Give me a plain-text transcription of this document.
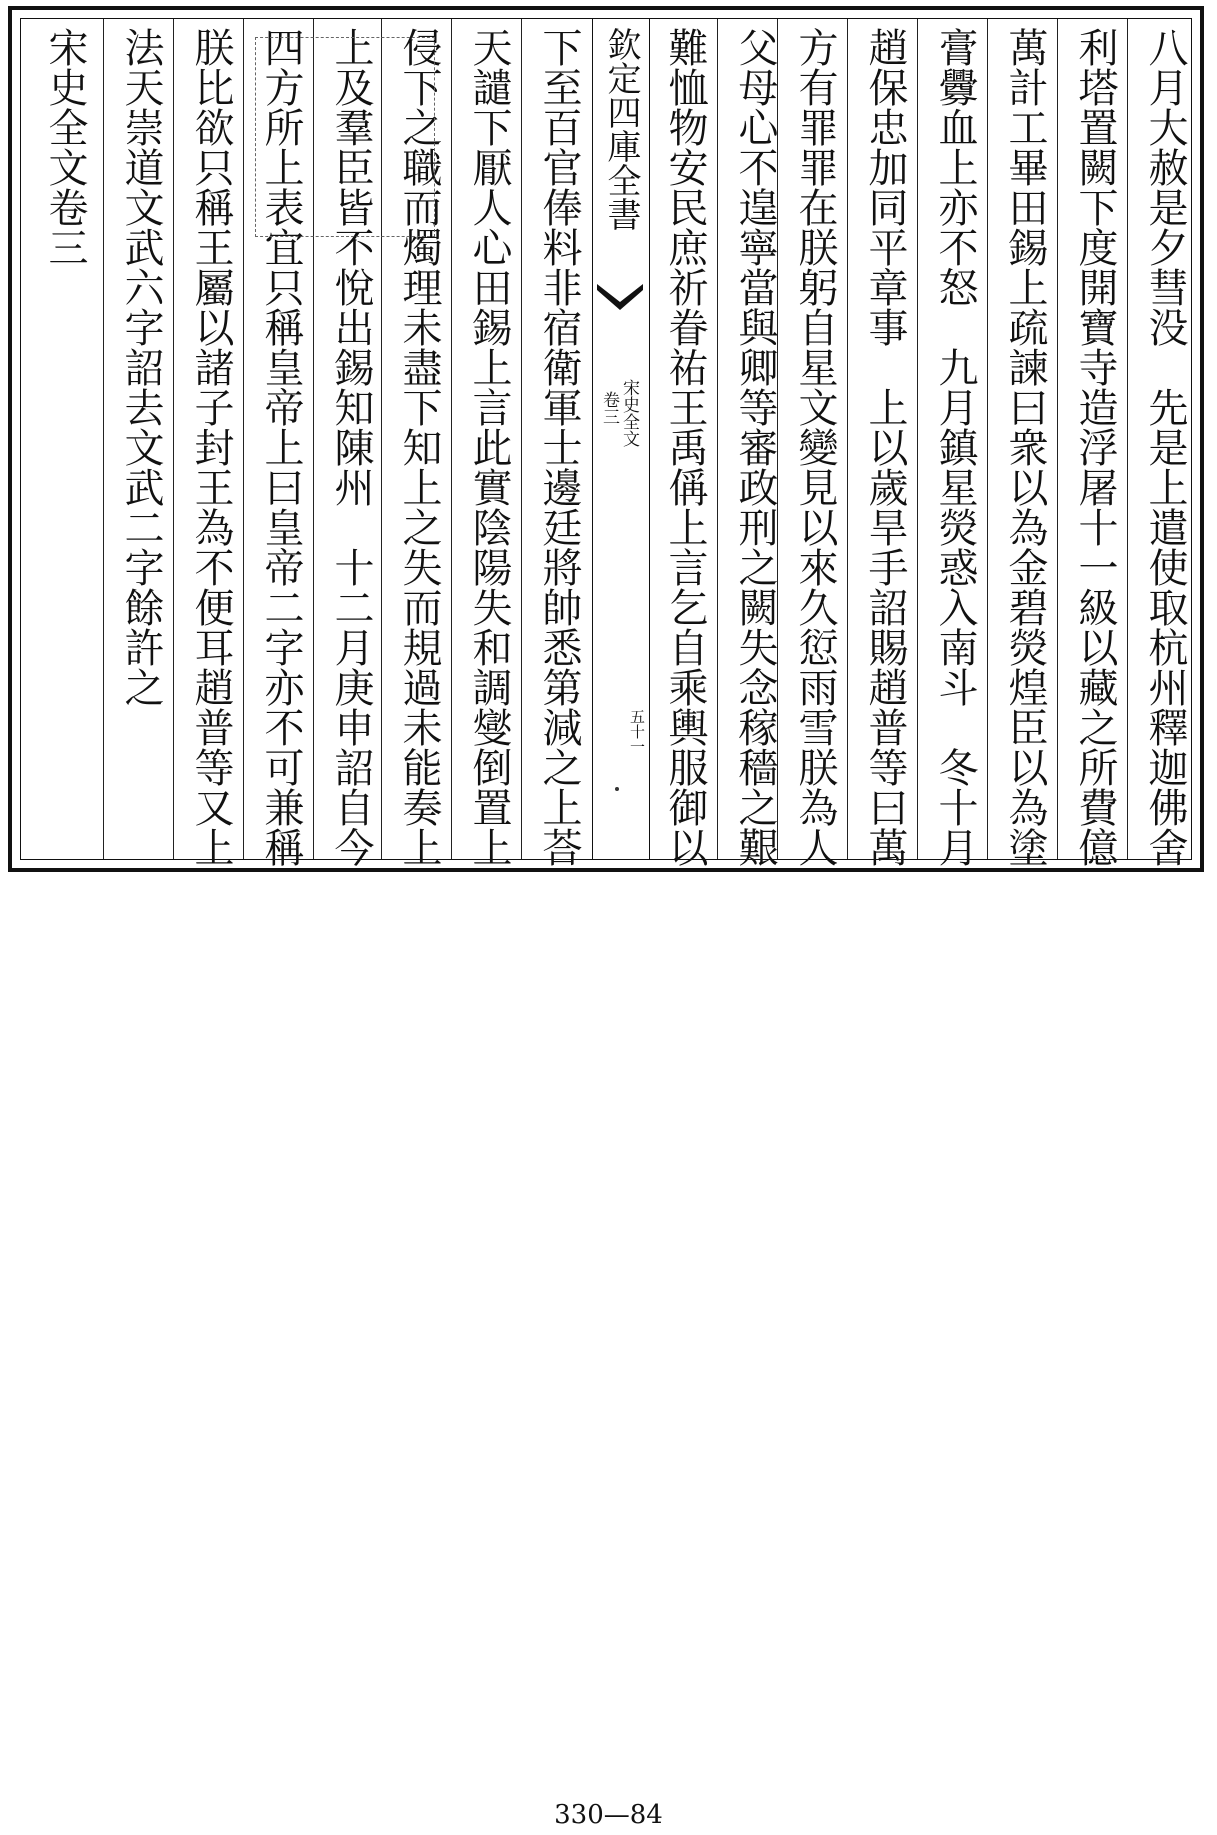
八月大赦是夕彗没　先是上遣使取杭州釋迦佛舍
利塔置闕下度開寶寺造浮屠十一級以藏之所費億
萬計工畢田錫上疏諫曰衆以為金碧熒煌臣以為塗
膏釁血上亦不怒　九月鎮星熒惑入南斗　冬十月
趙保忠加同平章事　上以歲旱手詔賜趙普等曰萬
方有罪罪在朕躬自星文變見以來久愆雨雪朕為人
父母心不遑寧當與卿等審政刑之闕失念稼穡之艱
難恤物安民庶祈眷祐王禹偁上言乞自乘輿服御以
欽定四庫全書
宋史全文
卷三
五十一
下至百官俸料非宿衛軍士邊廷將帥悉第減之上荅
天譴下厭人心田錫上言此實陰陽失和調燮倒置上
侵下之職而燭理未盡下知上之失而規過未能奏上
上及羣臣皆不悅出錫知陳州　十二月庚申詔自今
四方所上表宜只稱皇帝上曰皇帝二字亦不可兼稱
朕比欲只稱王屬以諸子封王為不便耳趙普等又上
法天崇道文武六字詔去文武二字餘許之
宋史全文卷三
330—84
